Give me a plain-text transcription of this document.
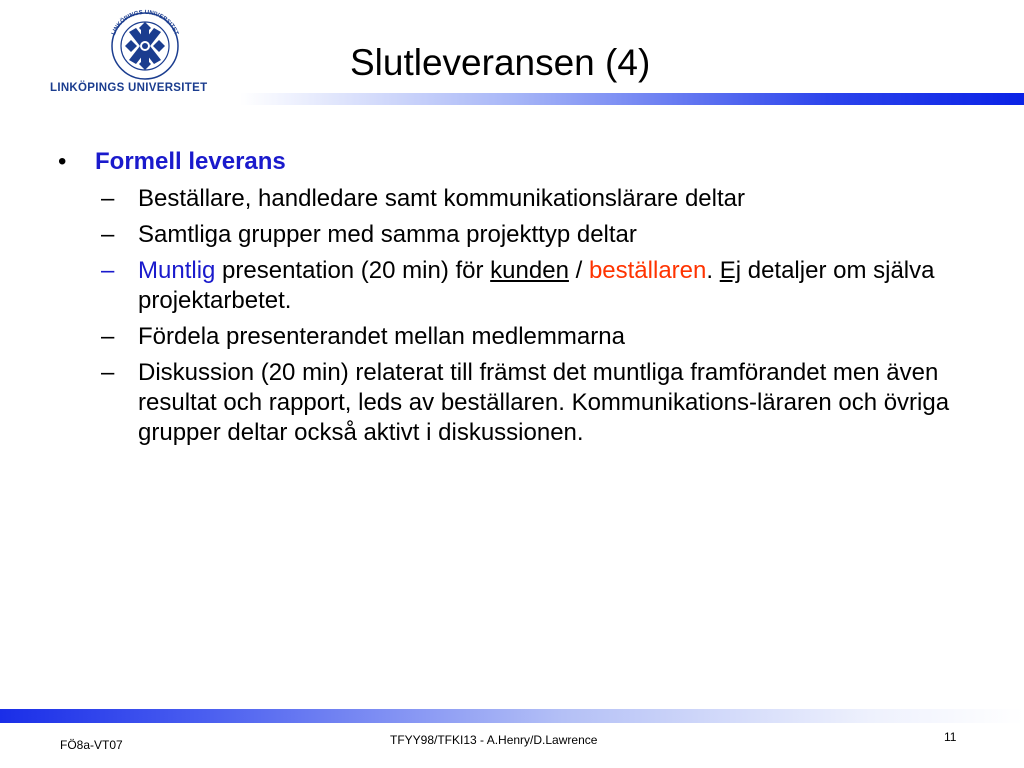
LINKÖPINGS UNIVERSITET
LINKÖPINGS UNIVERSITET
Slutleveransen (4)
• Formell leverans
– Beställare, handledare samt kommunikationslärare deltar
– Samtliga grupper med samma projekttyp deltar
– Muntlig presentation (20 min) för kunden / beställaren. Ej detaljer om själva projektarbetet.
– Fördela presenterandet mellan medlemmarna
– Diskussion (20 min) relaterat till främst det muntliga framförandet men även resultat och rapport, leds av beställaren. Kommunikations-läraren och övriga grupper deltar också aktivt i diskussionen.
FÖ8a-VT07	TFYY98/TFKI13 - A.Henry/D.Lawrence	11
